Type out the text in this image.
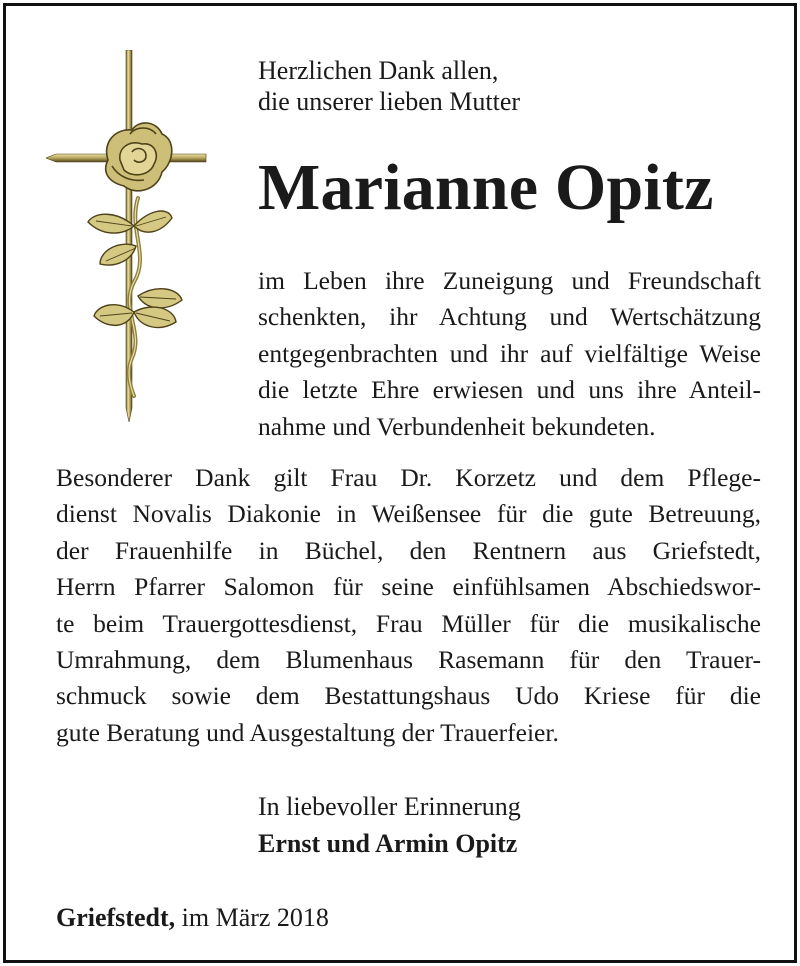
Herzlichen Dank allen,
die unserer lieben Mutter
Marianne Opitz
im Leben ihre Zuneigung und Freundschaft
schenkten, ihr Achtung und Wertschätzung
entgegenbrachten und ihr auf vielfältige Weise
die letzte Ehre erwiesen und uns ihre Anteil-
nahme und Verbundenheit bekundeten.
Besonderer Dank gilt Frau Dr. Korzetz und dem Pflege-
dienst Novalis Diakonie in Weißensee für die gute Betreuung,
der Frauenhilfe in Büchel, den Rentnern aus Griefstedt,
Herrn Pfarrer Salomon für seine einfühlsamen Abschiedswor-
te beim Trauergottesdienst, Frau Müller für die musikalische
Umrahmung, dem Blumenhaus Rasemann für den Trauer-
schmuck sowie dem Bestattungshaus Udo Kriese für die
gute Beratung und Ausgestaltung der Trauerfeier.
In liebevoller Erinnerung
Ernst und Armin Opitz
Griefstedt, im März 2018
